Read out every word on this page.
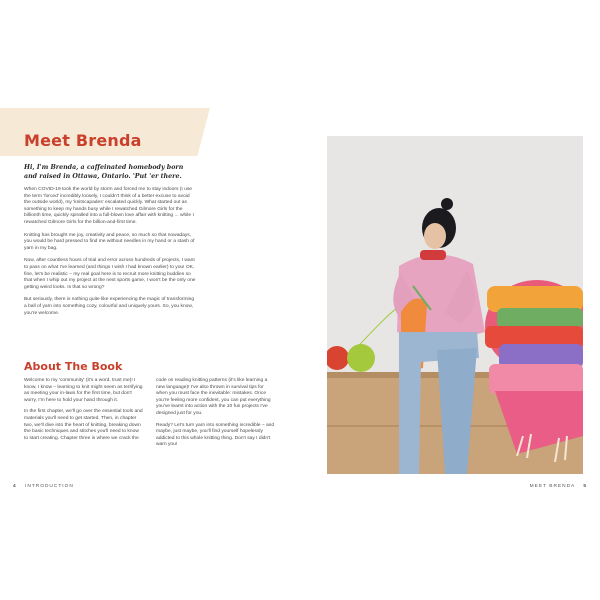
Meet Brenda
Hi, I'm Brenda, a caffeinated homebody born and raised in Ottawa, Ontario. 'Put 'er there.

When COVID-19 took the world by storm and forced me to stay indoors (I use the term 'forced' incredibly loosely, I couldn't think of a better excuse to avoid the outside world), my 'knitscapades' escalated quickly. What started out as something to keep my hands busy while I rewatched Gilmore Girls for the billionth time, quickly spiralled into a full-blown love affair with knitting ... while I rewatched Gilmore Girls for the billion-and-first time.

Knitting has brought me joy, creativity and peace, so much so that nowadays, you would be hard pressed to find me without needles in my hand or a stash of yarn in my bag.

Now, after countless hours of trial and error across hundreds of projects, I want to pass on what I've learned (and things I wish I had known earlier) to you! OK, fine, let's be realistic – my real goal here is to recruit more knitting buddies so that when I whip out my project at the next sports game, I won't be the only one getting weird looks. Is that so wrong?

But seriously, there is nothing quite like experiencing the magic of transforming a ball of yarn into something cozy, colourful and uniquely yours. So, you know, you're welcome.

About The Book

Welcome to my 'community' (it's a word, trust me)! I know, I know – learning to knit might seem as terrifying as meeting your in-laws for the first time, but don't worry, I'm here to hold your hand through it.

In the first chapter, we'll go over the essential tools and materials you'll need to get started. Then, in chapter two, we'll dive into the heart of knitting, breaking down the basic techniques and stitches you'll need to know to start creating. Chapter three is where we crack the

code on reading knitting patterns (it's like learning a new language)! I've also thrown in survival tips for when you must face the inevitable: mistakes. Once you're feeling more confident, you can put everything you've learnt into action with the 10 fun projects I've designed just for you.

Ready? Let's turn yarn into something incredible – and maybe, just maybe, you'll find yourself hopelessly addicted to this whole knitting thing. Don't say I didn't warn you!

4 INTRODUCTION	MEET BRENDA 5
